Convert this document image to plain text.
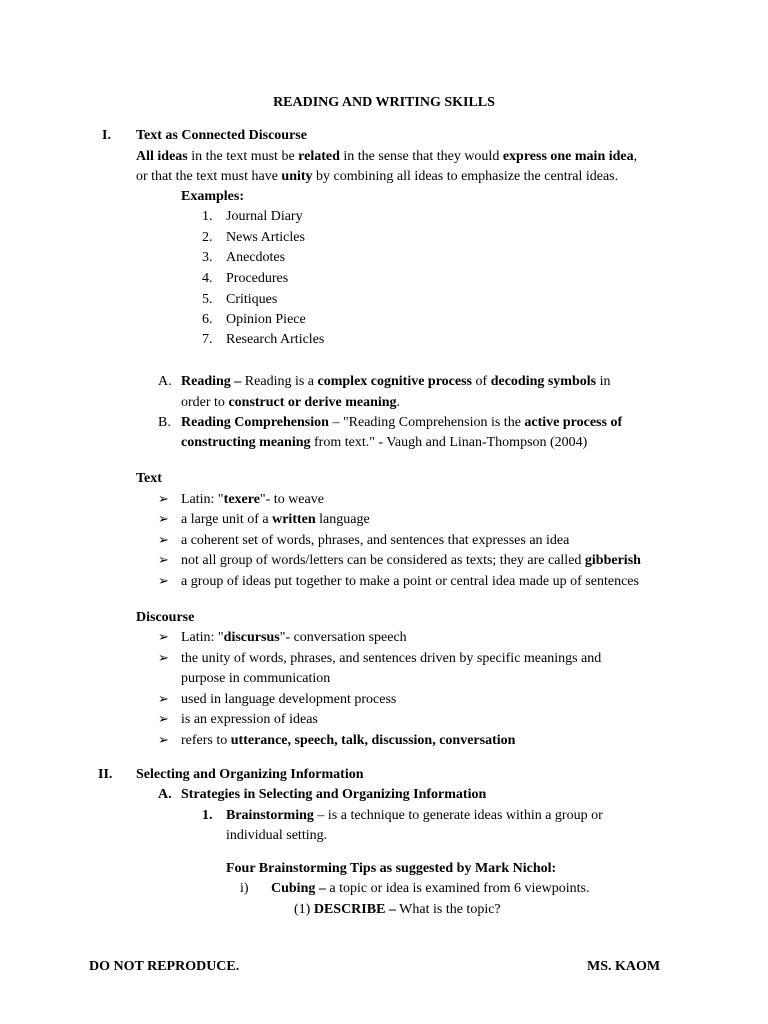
READING AND WRITING SKILLS
I. Text as Connected Discourse
All ideas in the text must be related in the sense that they would express one main idea,
or that the text must have unity by combining all ideas to emphasize the central ideas.
Examples:
1. Journal Diary
2. News Articles
3. Anecdotes
4. Procedures
5. Critiques
6. Opinion Piece
7. Research Articles
A. Reading – Reading is a complex cognitive process of decoding symbols in
order to construct or derive meaning.
B. Reading Comprehension – "Reading Comprehension is the active process of
constructing meaning from text." - Vaugh and Linan-Thompson (2004)
Text
➢ Latin: "texere"- to weave
➢ a large unit of a written language
➢ a coherent set of words, phrases, and sentences that expresses an idea
➢ not all group of words/letters can be considered as texts; they are called gibberish
➢ a group of ideas put together to make a point or central idea made up of sentences
Discourse
➢ Latin: "discursus"- conversation speech
➢ the unity of words, phrases, and sentences driven by specific meanings and
purpose in communication
➢ used in language development process
➢ is an expression of ideas
➢ refers to utterance, speech, talk, discussion, conversation
II. Selecting and Organizing Information
A. Strategies in Selecting and Organizing Information
1. Brainstorming – is a technique to generate ideas within a group or
individual setting.
Four Brainstorming Tips as suggested by Mark Nichol:
i) Cubing – a topic or idea is examined from 6 viewpoints.
(1) DESCRIBE – What is the topic?
DO NOT REPRODUCE.	MS. KAOM
